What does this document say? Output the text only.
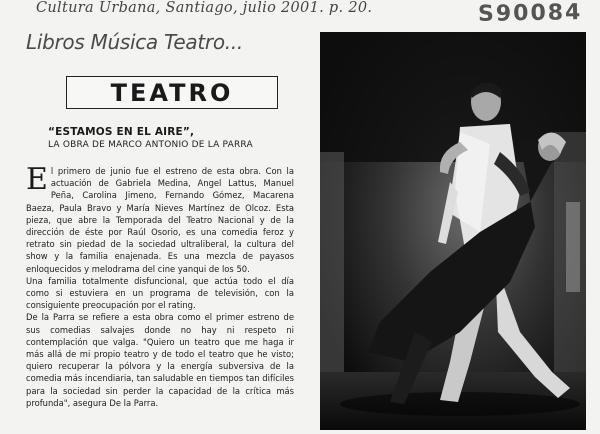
Cultura Urbana, Santiago, julio 2001. p. 20.	S90084
Libros Música Teatro...
TEATRO
“ESTAMOS EN EL AIRE”,
LA OBRA DE MARCO ANTONIO DE LA PARRA

El primero de junio fue el estreno de esta obra. Con la actuación de Gabriela Medina, Angel Lattus, Manuel Peña, Carolina Jimeno, Fernando Gómez, Macarena Baeza, Paula Bravo y María Nieves Martínez de Olcoz. Esta pieza, que abre la Temporada del Teatro Nacional y de la dirección de éste por Raúl Osorio, es una comedia feroz y retrato sin piedad de la sociedad ultraliberal, la cultura del show y la familia enajenada. Es una mezcla de payasos enloquecidos y melodrama del cine yanqui de los 50.

Una familia totalmente disfuncional, que actúa todo el día como si estuviera en un programa de televisión, con la consiguiente preocupación por el rating.

De la Parra se refiere a esta obra como el primer estreno de sus comedias salvajes donde no hay ni respeto ni contemplación que valga. "Quiero un teatro que me haga ir más allá de mi propio teatro y de todo el teatro que he visto; quiero recuperar la pólvora y la energía subversiva de la comedia más incendiaria, tan saludable en tiempos tan difíciles para la sociedad sin perder la capacidad de la crítica más profunda", asegura De la Parra.
